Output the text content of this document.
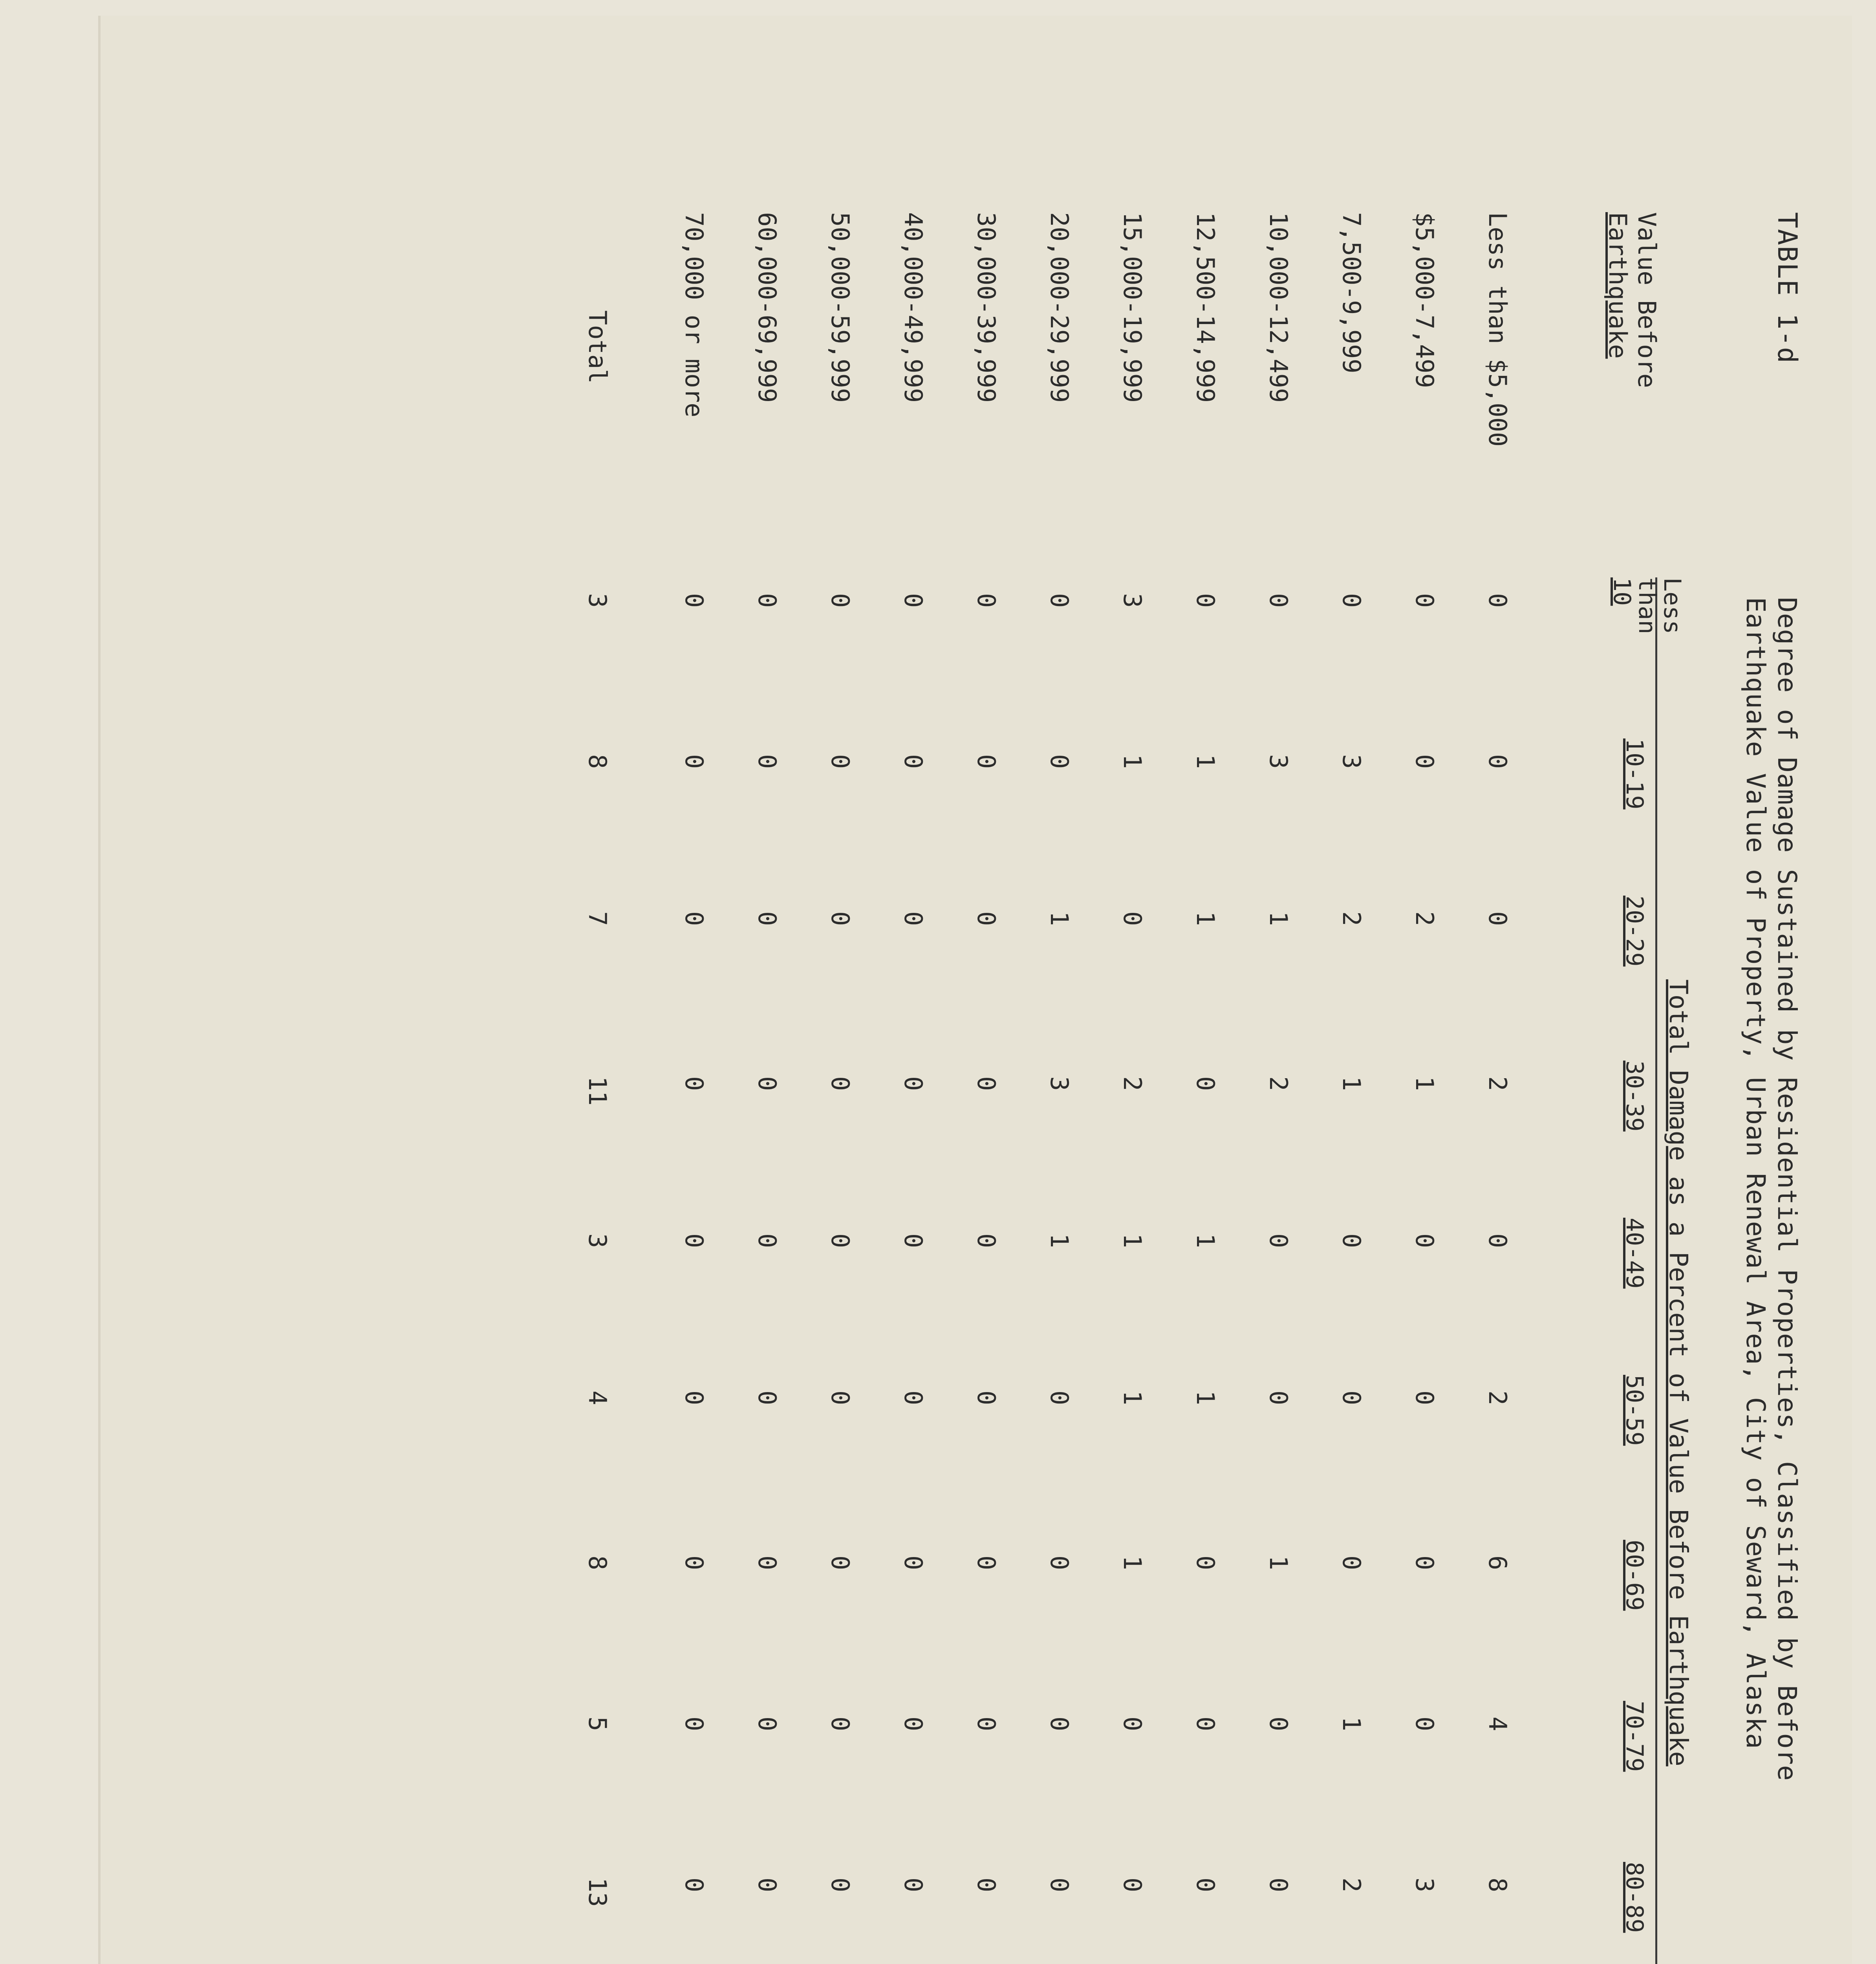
TABLE 1-d
Degree of Damage Sustained by Residential Properties, Classified by Before
Earthquake Value of Property, Urban Renewal Area, City of Seward, Alaska
Value Before
Earthquake
Total Damage as a Percent of Value Before Earthquake
Less
than
10
10-19
20-29
30-39
40-49
50-59
60-69
70-79
80-89
Less than $5,000
0
0
0
2
0
2
6
4
8
$5,000-7,499
0
0
2
1
0
0
0
0
3
7,500-9,999
0
3
2
1
0
0
0
1
2
10,000-12,499
0
3
1
2
0
0
1
0
0
12,500-14,999
0
1
1
0
1
1
0
0
0
15,000-19,999
3
1
0
2
1
1
1
0
0
20,000-29,999
0
0
1
3
1
0
0
0
0
30,000-39,999
0
0
0
0
0
0
0
0
0
40,000-49,999
0
0
0
0
0
0
0
0
0
50,000-59,999
0
0
0
0
0
0
0
0
0
60,000-69,999
0
0
0
0
0
0
0
0
0
70,000 or more
0
0
0
0
0
0
0
0
0
Total
3
8
7
11
3
4
8
5
13
